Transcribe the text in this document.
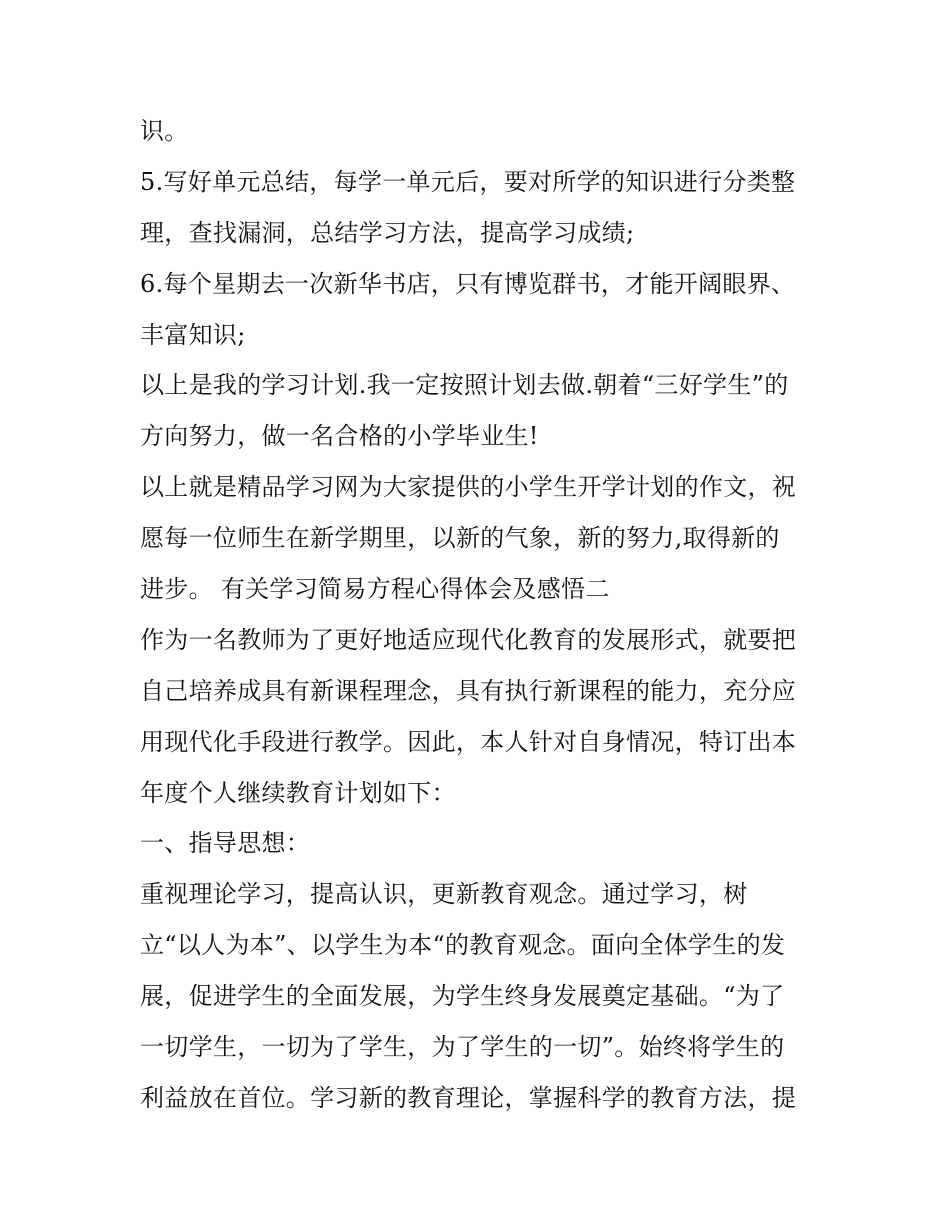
识。
5.写好单元总结，每学一单元后，要对所学的知识进行分类整
理，查找漏洞，总结学习方法，提高学习成绩;
6.每个星期去一次新华书店，只有博览群书，才能开阔眼界、
丰富知识;
以上是我的学习计划.我一定按照计划去做.朝着“三好学生”的
方向努力，做一名合格的小学毕业生!
以上就是精品学习网为大家提供的小学生开学计划的作文，祝
愿每一位师生在新学期里，以新的气象，新的努力,取得新的
进步。 有关学习简易方程心得体会及感悟二
作为一名教师为了更好地适应现代化教育的发展形式，就要把
自己培养成具有新课程理念，具有执行新课程的能力，充分应
用现代化手段进行教学。因此，本人针对自身情况，特订出本
年度个人继续教育计划如下：
一、指导思想：
重视理论学习，提高认识，更新教育观念。通过学习，树
立“以人为本”、以学生为本“的教育观念。面向全体学生的发
展，促进学生的全面发展，为学生终身发展奠定基础。“为了
一切学生，一切为了学生，为了学生的一切”。始终将学生的
利益放在首位。学习新的教育理论，掌握科学的教育方法，提
